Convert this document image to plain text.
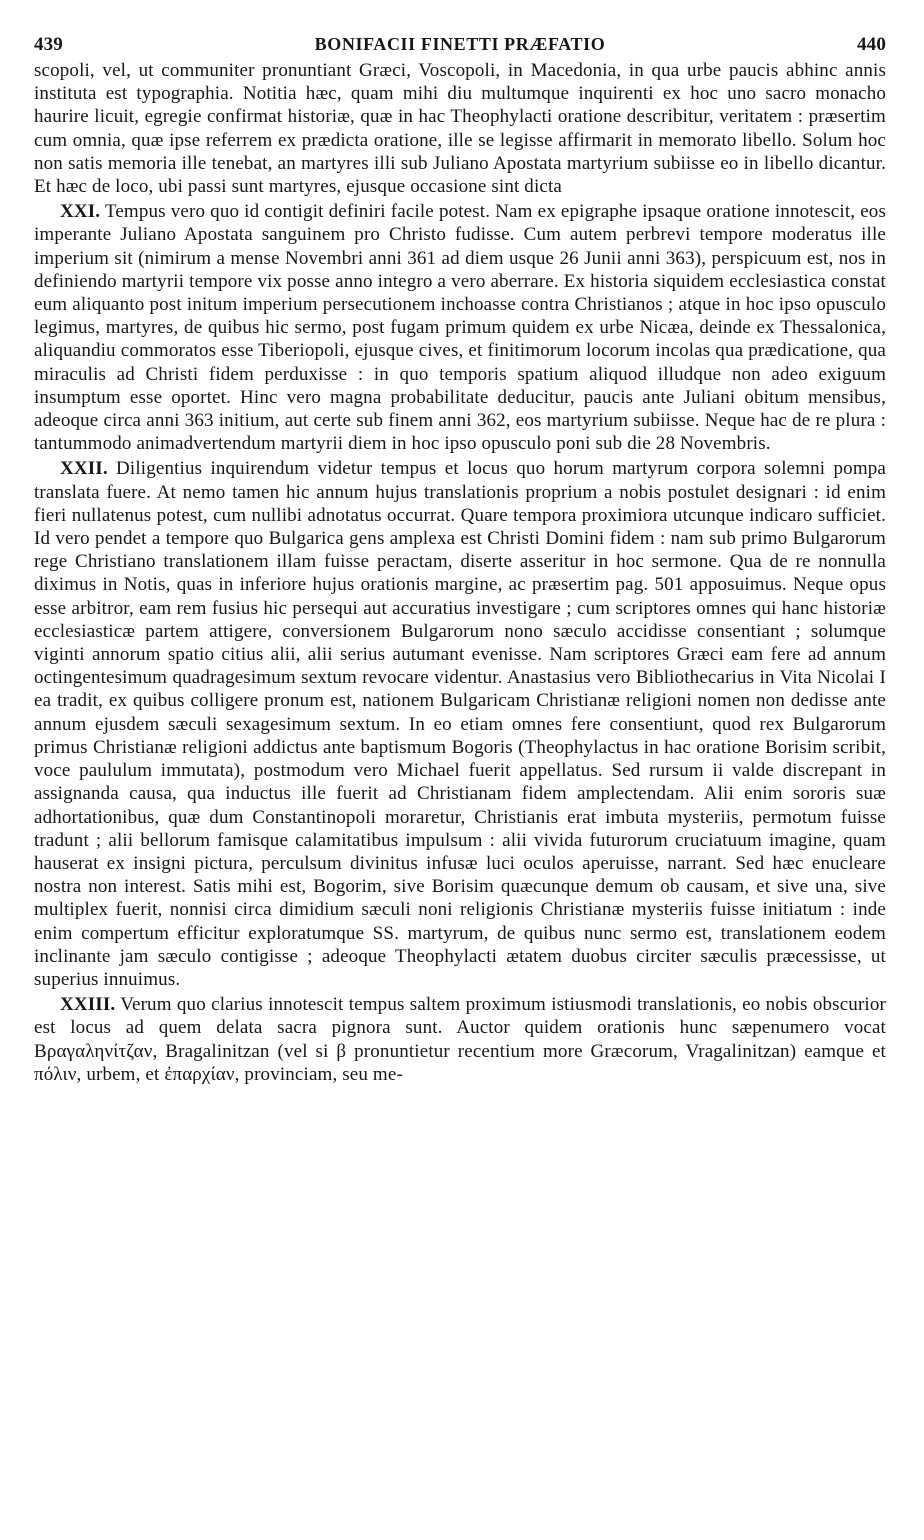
439	BONIFACII FINETTI PRÆFATIO	440

scopoli, vel, ut communiter pronuntiant Græci, Voscopoli, in Macedonia, in qua urbe paucis abhinc annis instituta est typographia. Notitia hæc, quam mihi diu multumque inquirenti ex hoc uno sacro monacho haurire licuit, egregie confirmat historiæ, quæ in hac Theophylacti oratione describitur, veritatem : præsertim cum omnia, quæ ipse referrem ex prædicta oratione, ille se legisse affirmarit in memorato libello. Solum hoc non satis memoria ille tenebat, an martyres illi sub Juliano Apostata martyrium subiisse eo in libello dicantur. Et hæc de loco, ubi passi sunt martyres, ejusque occasione sint dicta

XXI. Tempus vero quo id contigit definiri facile potest. Nam ex epigraphe ipsaque oratione innotescit, eos imperante Juliano Apostata sanguinem pro Christo fudisse. Cum autem perbrevi tempore moderatus ille imperium sit (nimirum a mense Novembri anni 361 ad diem usque 26 Junii anni 363), perspicuum est, nos in definiendo martyrii tempore vix posse anno integro a vero aberrare. Ex historia siquidem ecclesiastica constat eum aliquanto post initum imperium persecutionem inchoasse contra Christianos ; atque in hoc ipso opusculo legimus, martyres, de quibus hic sermo, post fugam primum quidem ex urbe Nicæa, deinde ex Thessalonica, aliquandiu commoratos esse Tiberiopoli, ejusque cives, et finitimorum locorum incolas qua prædicatione, qua miraculis ad Christi fidem perduxisse : in quo temporis spatium aliquod illudque non adeo exiguum insumptum esse oportet. Hinc vero magna probabilitate deducitur, paucis ante Juliani obitum mensibus, adeoque circa anni 363 initium, aut certe sub finem anni 362, eos martyrium subiisse. Neque hac de re plura : tantummodo animadvertendum martyrii diem in hoc ipso opusculo poni sub die 28 Novembris.

XXII. Diligentius inquirendum videtur tempus et locus quo horum martyrum corpora solemni pompa translata fuere. At nemo tamen hic annum hujus translationis proprium a nobis postulet designari : id enim fieri nullatenus potest, cum nullibi adnotatus occurrat. Quare tempora proximiora utcunque indicaro sufficiet. Id vero pendet a tempore quo Bulgarica gens amplexa est Christi Domini fidem : nam sub primo Bulgarorum rege Christiano translationem illam fuisse peractam, diserte asseritur in hoc sermone. Qua de re nonnulla diximus in Notis, quas in inferiore hujus orationis margine, ac præsertim pag. 501 apposuimus. Neque opus esse arbitror, eam rem fusius hic persequi aut accuratius investigare ; cum scriptores omnes qui hanc historiæ ecclesiasticæ partem attigere, conversionem Bulgarorum nono sæculo accidisse consentiant ; solumque viginti annorum spatio citius alii, alii serius autumant evenisse. Nam scriptores Græci eam fere ad annum octingentesimum quadragesimum sextum revocare videntur. Anastasius vero Bibliothecarius in Vita Nicolai I ea tradit, ex quibus colligere pronum est, nationem Bulgaricam Christianæ religioni nomen non dedisse ante annum ejusdem sæculi sexagesimum sextum. In eo etiam omnes fere consentiunt, quod rex Bulgarorum primus Christianæ religioni addictus ante baptismum Bogoris (Theophylactus in hac oratione Borisim scribit, voce paululum immutata), postmodum vero Michael fuerit appellatus. Sed rursum ii valde discrepant in assignanda causa, qua inductus ille fuerit ad Christianam fidem amplectendam. Alii enim sororis suæ adhortationibus, quæ dum Constantinopoli moraretur, Christianis erat imbuta mysteriis, permotum fuisse tradunt ; alii bellorum famisque calamitatibus impulsum : alii vivida futurorum cruciatuum imagine, quam hauserat ex insigni pictura, perculsum divinitus infusæ luci oculos aperuisse, narrant. Sed hæc enucleare nostra non interest. Satis mihi est, Bogorim, sive Borisim quæcunque demum ob causam, et sive una, sive multiplex fuerit, nonnisi circa dimidium sæculi noni religionis Christianæ mysteriis fuisse initiatum : inde enim compertum efficitur exploratumque SS. martyrum, de quibus nunc sermo est, translationem eodem inclinante jam sæculo contigisse ; adeoque Theophylacti ætatem duobus circiter sæculis præcessisse, ut superius innuimus.

XXIII. Verum quo clarius innotescit tempus saltem proximum istiusmodi translationis, eo nobis obscurior est locus ad quem delata sacra pignora sunt. Auctor quidem orationis hunc sæpenumero vocat Βραγαληνίτζαν, Bragalinitzan (vel si β pronuntietur recentium more Græcorum, Vragalinitzan) eamque et πόλιν, urbem, et ἐπαρχίαν, provinciam, seu me-
